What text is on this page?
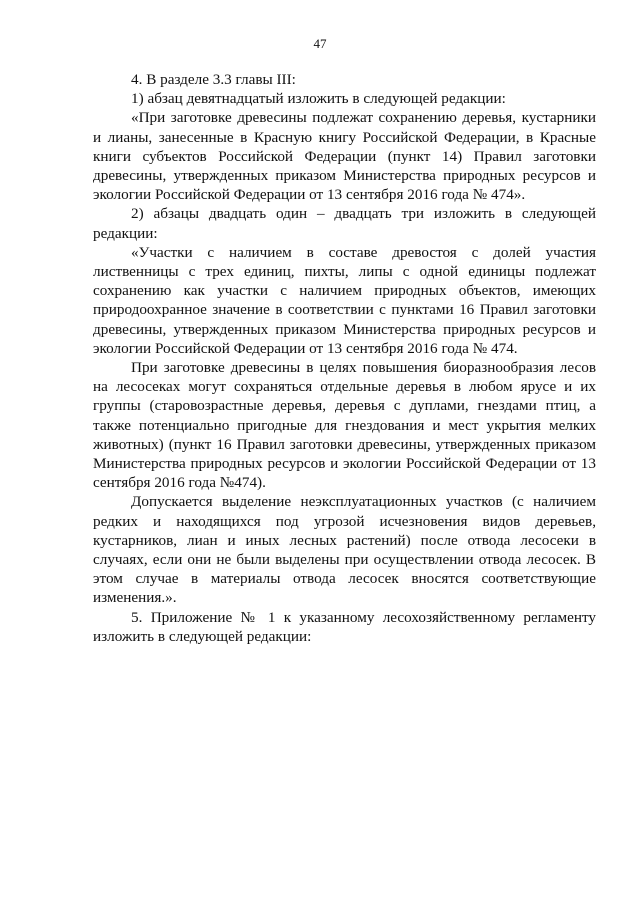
47

4. В разделе 3.3 главы III:

1) абзац девятнадцатый изложить в следующей редакции:

«При заготовке древесины подлежат сохранению деревья, кустарники и лианы, занесенные в Красную книгу Российской Федерации, в Красные книги субъектов Российской Федерации (пункт 14) Правил заготовки древесины, утвержденных приказом Министерства природных ресурсов и экологии Российской Федерации от 13 сентября 2016 года № 474».

2) абзацы двадцать один – двадцать три изложить в следующей редакции:

«Участки с наличием в составе древостоя с долей участия лиственницы с трех единиц, пихты, липы с одной единицы подлежат сохранению как участки с наличием природных объектов, имеющих природоохранное значение в соответствии с пунктами 16 Правил заготовки древесины, утвержденных приказом Министерства природных ресурсов и экологии Российской Федерации от 13 сентября 2016 года № 474.

При заготовке древесины в целях повышения биоразнообразия лесов на лесосеках могут сохраняться отдельные деревья в любом ярусе и их группы (старовозрастные деревья, деревья с дуплами, гнездами птиц, а также потенциально пригодные для гнездования и мест укрытия мелких животных) (пункт 16 Правил заготовки древесины, утвержденных приказом Министерства природных ресурсов и экологии Российской Федерации от 13 сентября 2016 года №474).

Допускается выделение неэксплуатационных участков (с наличием редких и находящихся под угрозой исчезновения видов деревьев, кустарников, лиан и иных лесных растений) после отвода лесосеки в случаях, если они не были выделены при осуществлении отвода лесосек. В этом случае в материалы отвода лесосек вносятся соответствующие изменения.».

5. Приложение № 1 к указанному лесохозяйственному регламенту изложить в следующей редакции:
